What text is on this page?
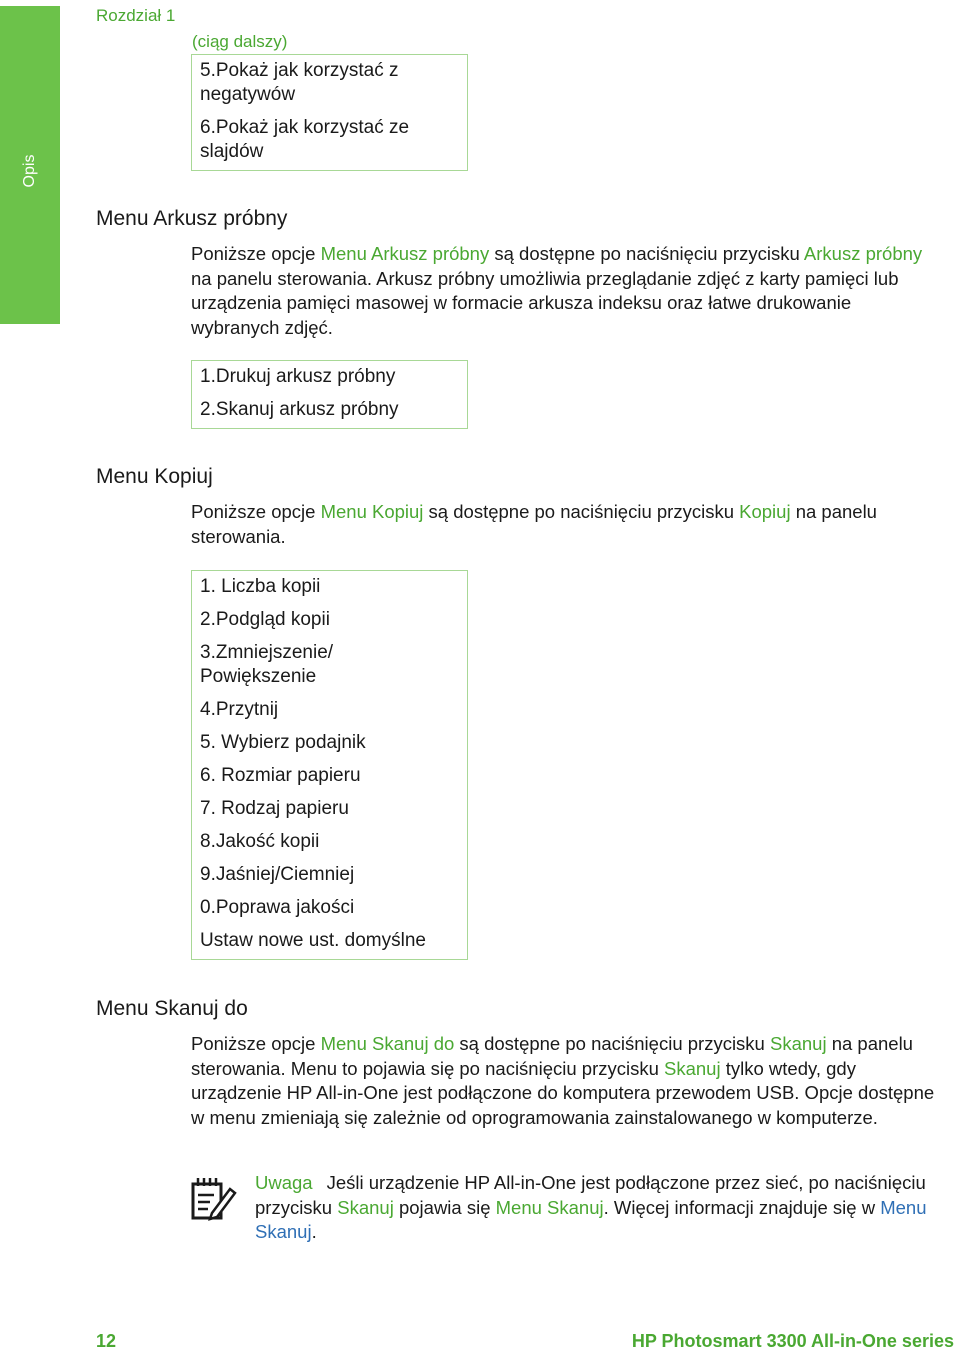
Opis
Rozdział 1
(ciąg dalszy)

5.Pokaż jak korzystać z negatywów

6.Pokaż jak korzystać ze slajdów

Menu Arkusz próbny

Poniższe opcje Menu Arkusz próbny są dostępne po naciśnięciu przycisku Arkusz próbny na panelu sterowania. Arkusz próbny umożliwia przeglądanie zdjęć z karty pamięci lub urządzenia pamięci masowej w formacie arkusza indeksu oraz łatwe drukowanie wybranych zdjęć.

1.Drukuj arkusz próbny

2.Skanuj arkusz próbny

Menu Kopiuj

Poniższe opcje Menu Kopiuj są dostępne po naciśnięciu przycisku Kopiuj na panelu sterowania.

1. Liczba kopii

2.Podgląd kopii

3.Zmniejszenie/ Powiększenie

4.Przytnij

5. Wybierz podajnik

6. Rozmiar papieru

7. Rodzaj papieru

8.Jakość kopii

9.Jaśniej/Ciemniej

0.Poprawa jakości

Ustaw nowe ust. domyślne

Menu Skanuj do

Poniższe opcje Menu Skanuj do są dostępne po naciśnięciu przycisku Skanuj na panelu sterowania. Menu to pojawia się po naciśnięciu przycisku Skanuj tylko wtedy, gdy urządzenie HP All-in-One jest podłączone do komputera przewodem USB. Opcje dostępne w menu zmieniają się zależnie od oprogramowania zainstalowanego w komputerze.

Uwaga Jeśli urządzenie HP All-in-One jest podłączone przez sieć, po naciśnięciu przycisku Skanuj pojawia się Menu Skanuj. Więcej informacji znajduje się w Menu Skanuj.

12	HP Photosmart 3300 All-in-One series
